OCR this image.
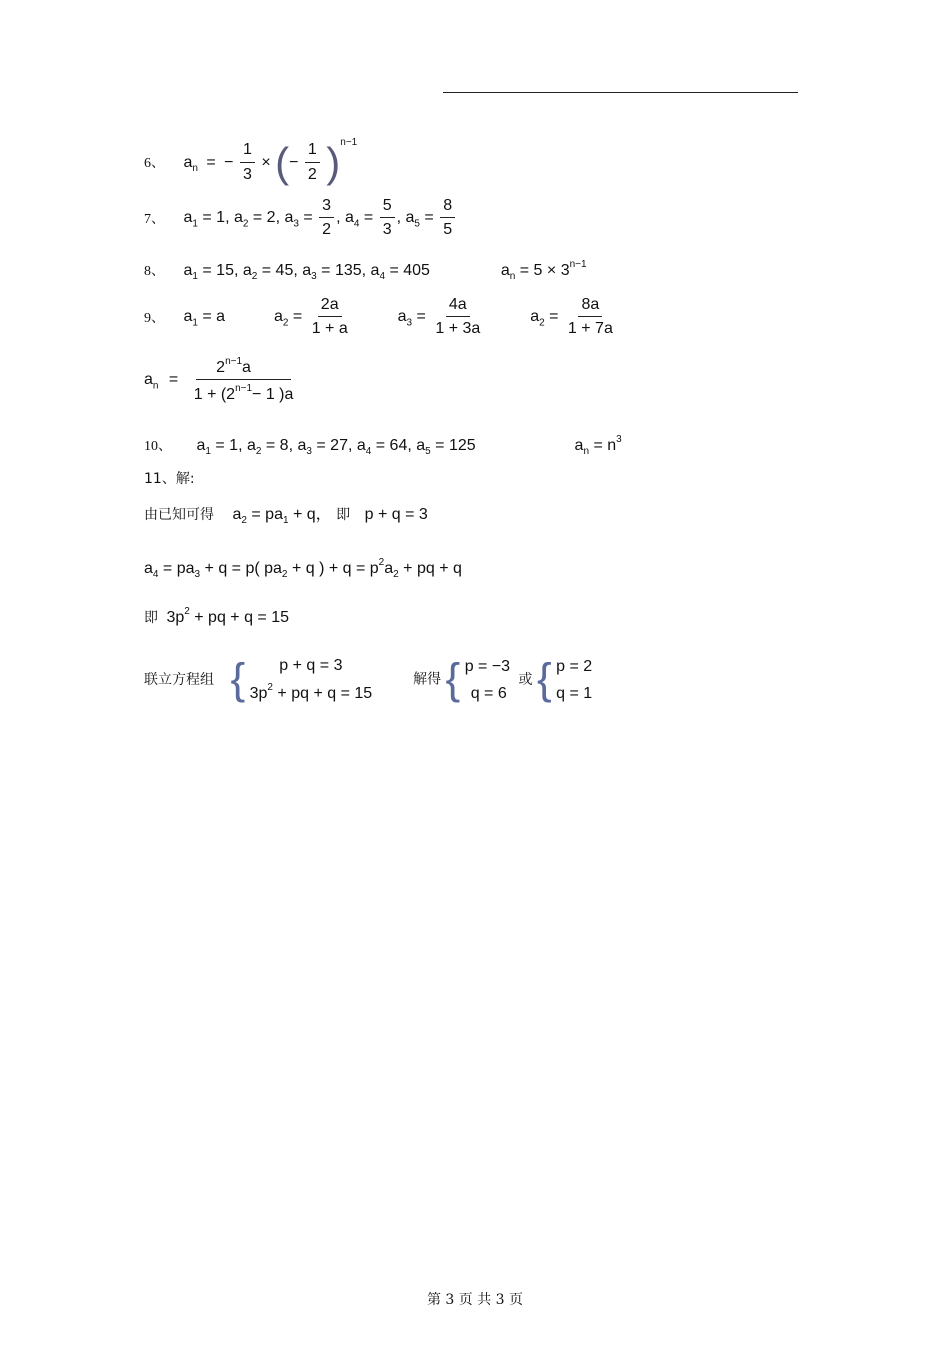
6、 $a_n$ = − $\frac{1}{3}$ × (− $\frac{1}{2} )^{n-1}$
7、 $a_1 = 1$, $a_2 = 2$, $a_3 = \frac{3}{2}$ , $a_4 = \frac{5}{3}$ , $a_5 = \frac{8}{5}$
8、 $a_1 = 15$, $a_2 = 45$, $a_3 = 135$, $a_4 = 405$	$a_n = 5 \times 3^{n-1}$
9、 $a_1 = a$	$a_2 = \frac{2a}{1 + a}$	$a_3 = \frac{4a}{1 + 3a}$	$a_2 = \frac{8a}{1 + 7a}$
$a_n = \frac{2^{n-1}a}{1 + (2^{n-1}- 1 )a}$
10、 $a_1 = 1$, $a_2 = 8$, $a_3 = 27$, $a_4 = 64$, $a_5 = 125$	$a_n = n^3$
11、解:
由已知可得 $a_2 = pa_1 + q$， 即 p + q = 3
$a_4 = pa_3 + q = p$( $pa_2 + q$ ) + $q = p^2a_2$ + pq + q
即 $3p^2$ + pq + q = 15
联立方程组 { p + q = 3
$3p^2$ + pq + q = 15
解得 { p = −3
q = 6
或 { p = 2
q = 1
第 3 页 共 3 页
